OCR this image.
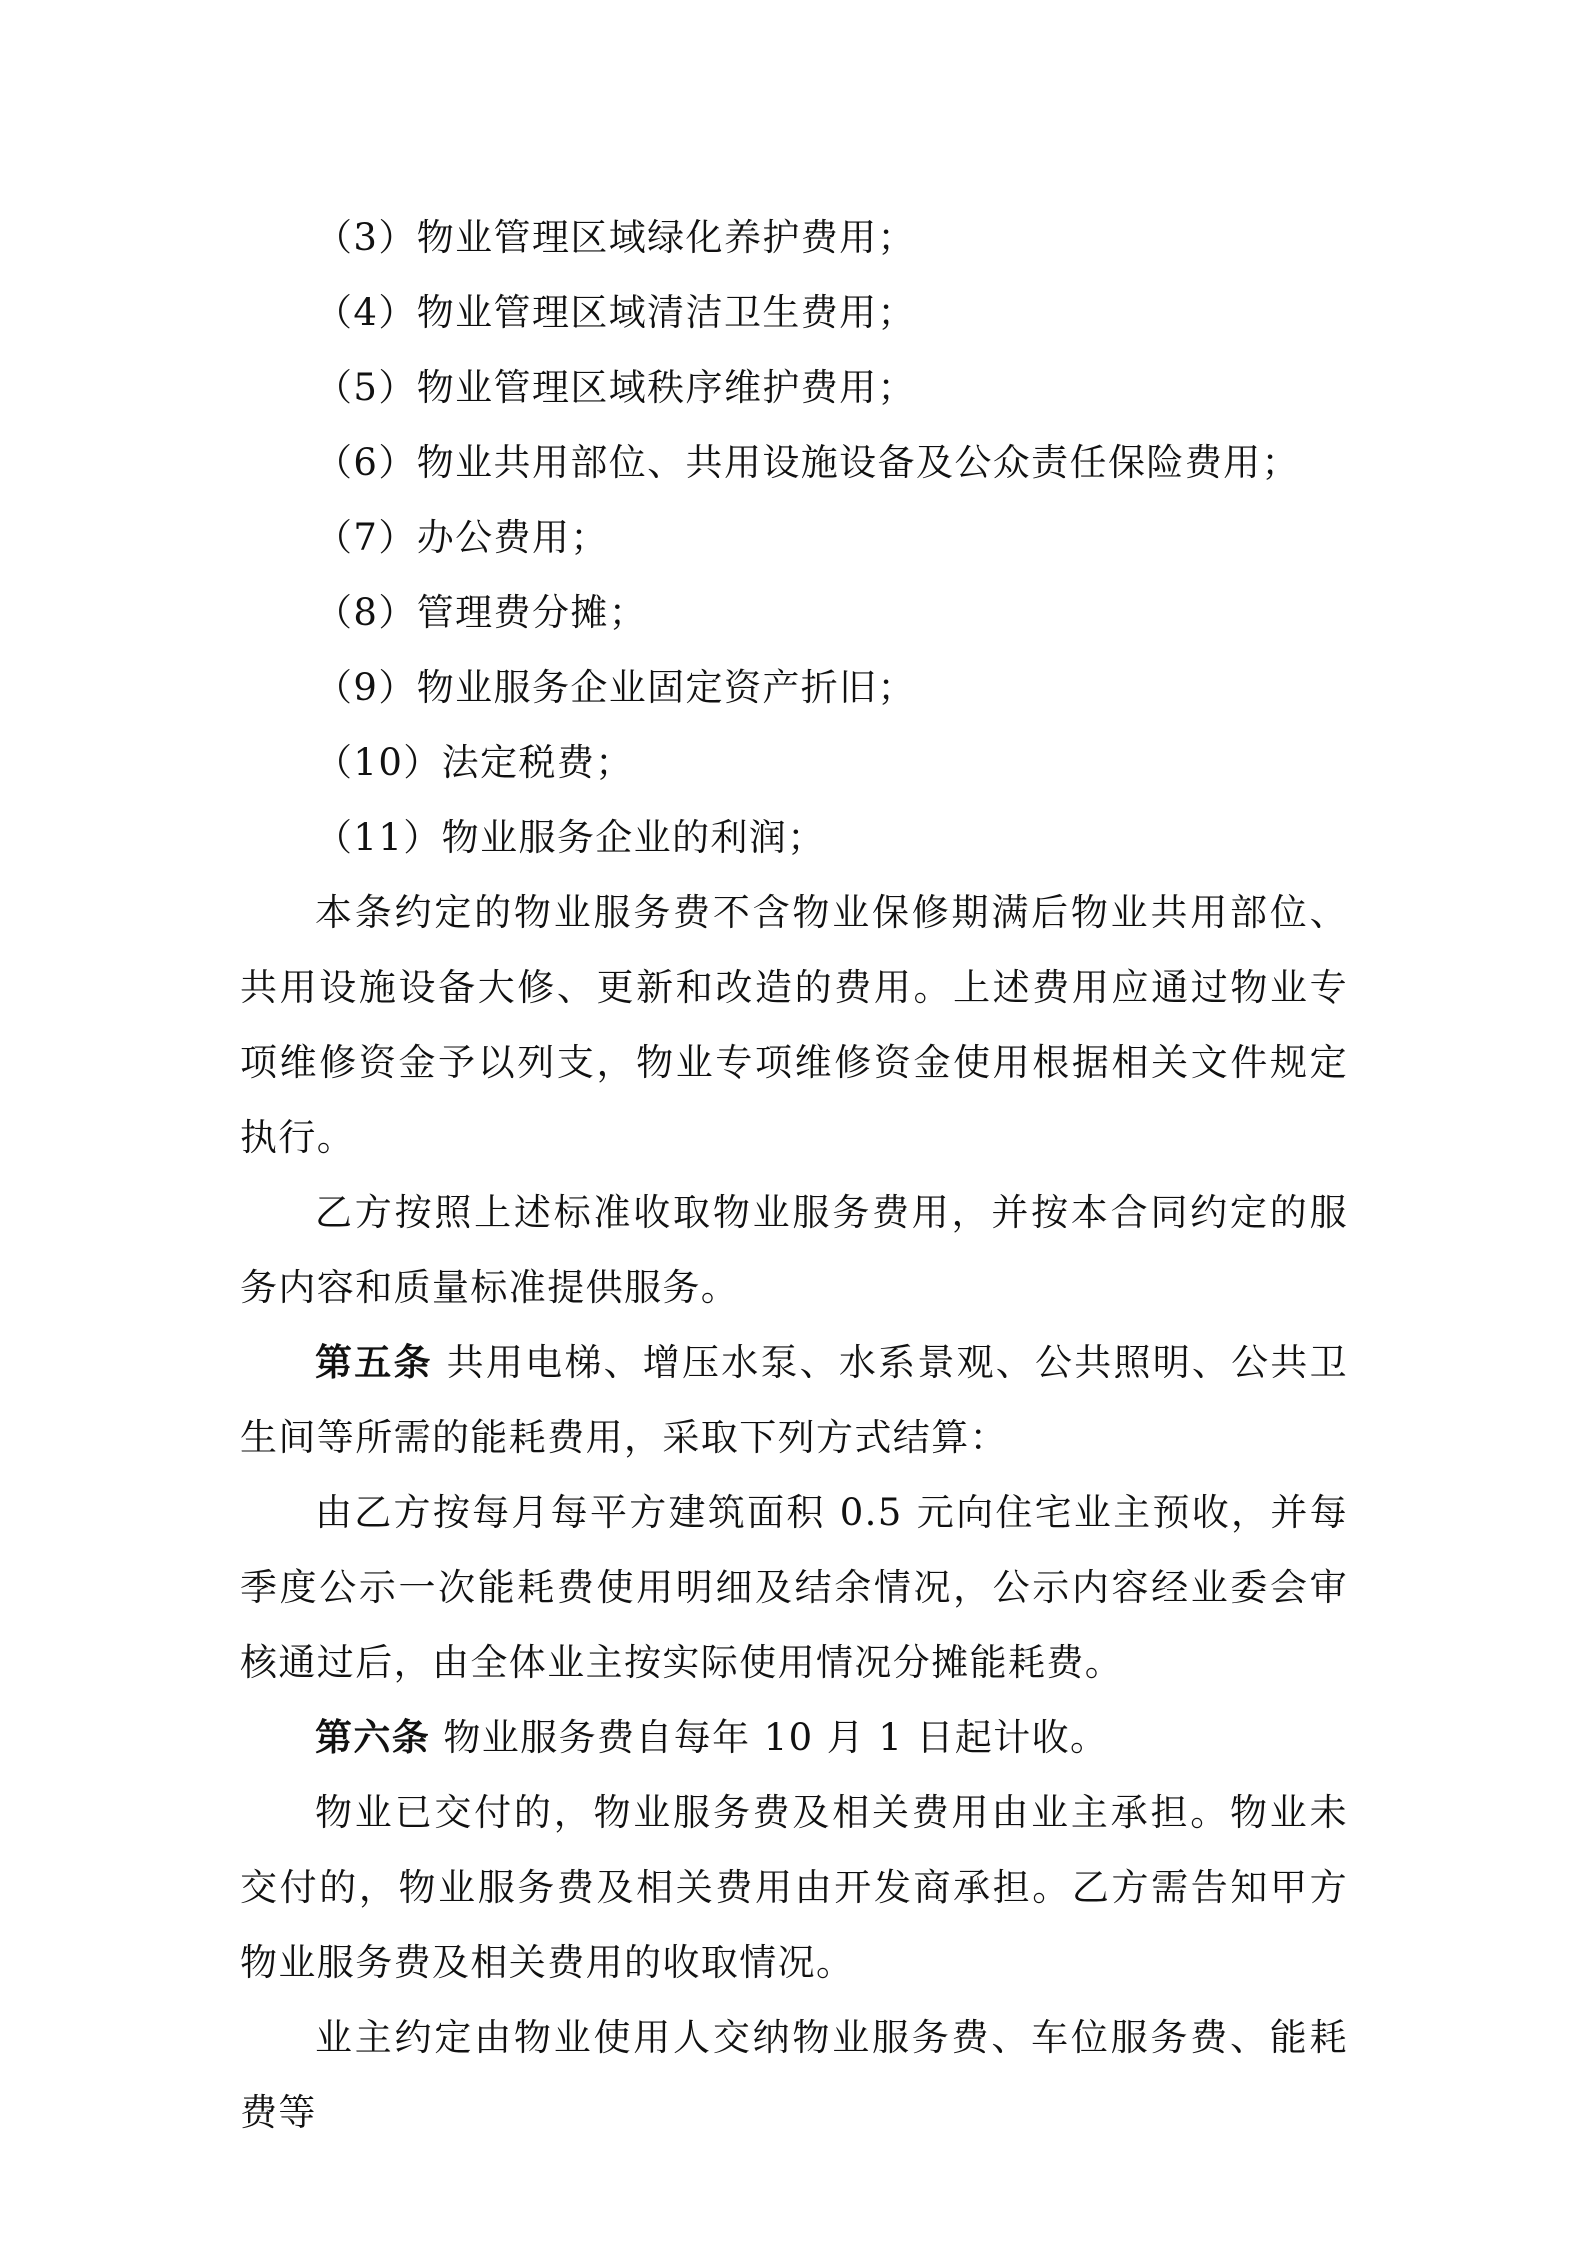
（3）物业管理区域绿化养护费用；
（4）物业管理区域清洁卫生费用；
（5）物业管理区域秩序维护费用；
（6）物业共用部位、共用设施设备及公众责任保险费用；
（7）办公费用；
（8）管理费分摊；
（9）物业服务企业固定资产折旧；
（10）法定税费；
（11）物业服务企业的利润；

本条约定的物业服务费不含物业保修期满后物业共用部位、共用设施设备大修、更新和改造的费用。上述费用应通过物业专项维修资金予以列支，物业专项维修资金使用根据相关文件规定执行。

乙方按照上述标准收取物业服务费用，并按本合同约定的服务内容和质量标准提供服务。

第五条 共用电梯、增压水泵、水系景观、公共照明、公共卫生间等所需的能耗费用，采取下列方式结算：

由乙方按每月每平方建筑面积 0.5 元向住宅业主预收，并每季度公示一次能耗费使用明细及结余情况，公示内容经业委会审核通过后，由全体业主按实际使用情况分摊能耗费。

第六条 物业服务费自每年 10 月 1 日起计收。

物业已交付的，物业服务费及相关费用由业主承担。物业未交付的，物业服务费及相关费用由开发商承担。乙方需告知甲方物业服务费及相关费用的收取情况。

业主约定由物业使用人交纳物业服务费、车位服务费、能耗费等
